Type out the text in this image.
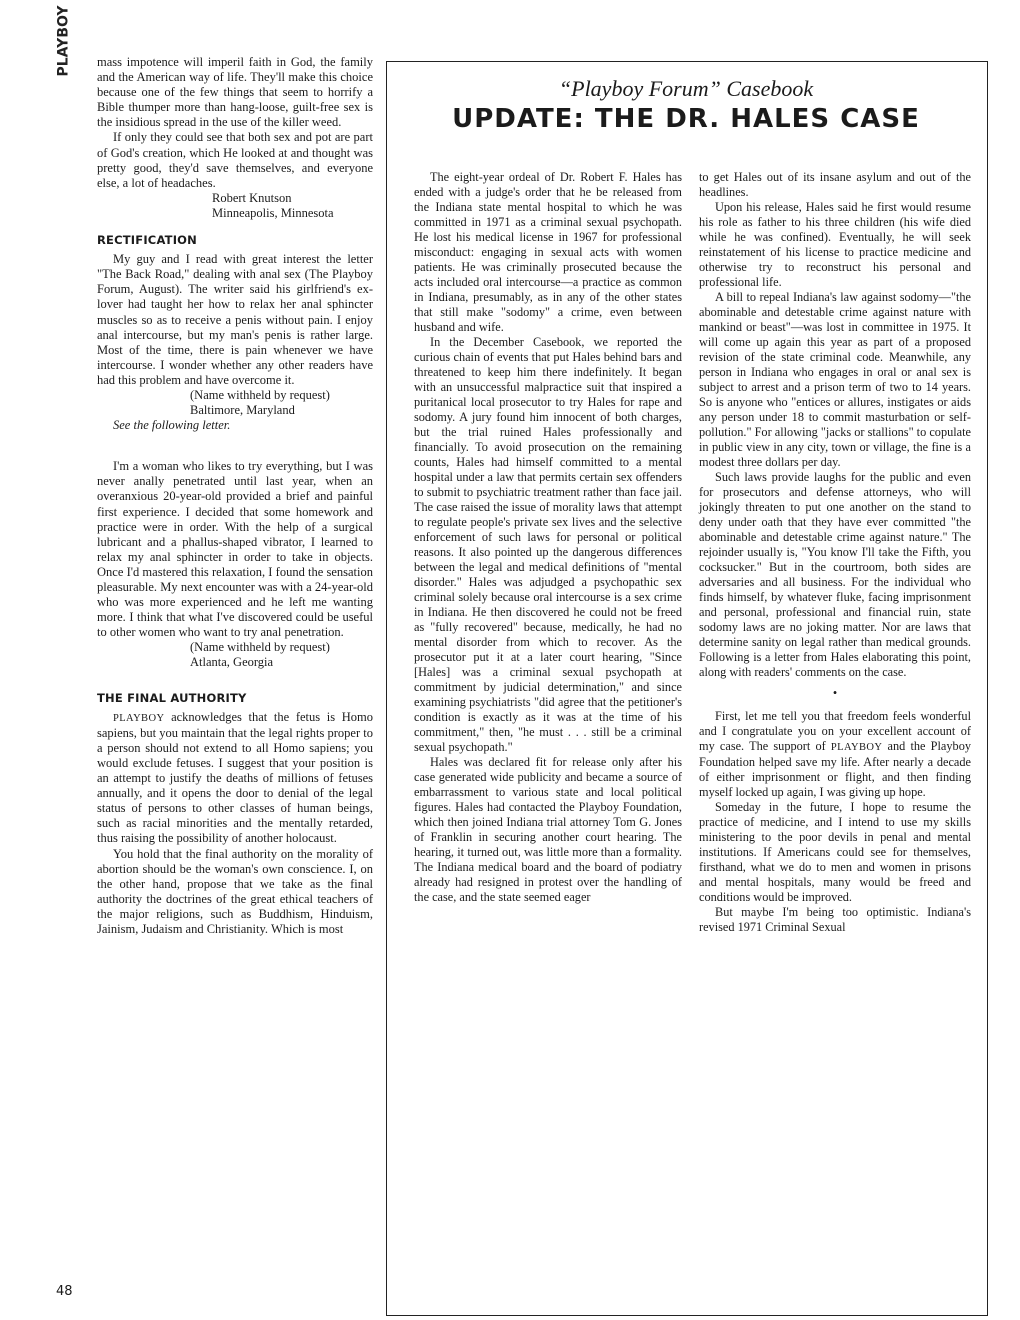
PLAYBOY
48

mass impotence will imperil faith in God, the family and the American way of life. They'll make this choice because one of the few things that seem to horrify a Bible thumper more than hang-loose, guilt-free sex is the insidious spread in the use of the killer weed.

If only they could see that both sex and pot are part of God's creation, which He looked at and thought was pretty good, they'd save themselves, and everyone else, a lot of headaches.

Robert Knutson

Minneapolis, Minnesota

RECTIFICATION

My guy and I read with great interest the letter "The Back Road," dealing with anal sex (The Playboy Forum, August). The writer said his girlfriend's ex-lover had taught her how to relax her anal sphincter muscles so as to receive a penis without pain. I enjoy anal intercourse, but my man's penis is rather large. Most of the time, there is pain whenever we have intercourse. I wonder whether any other readers have had this problem and have overcome it.

(Name withheld by request)

Baltimore, Maryland

See the following letter.

I'm a woman who likes to try everything, but I was never anally penetrated until last year, when an overanxious 20-year-old provided a brief and painful first experience. I decided that some homework and practice were in order. With the help of a surgical lubricant and a phallus-shaped vibrator, I learned to relax my anal sphincter in order to take in objects. Once I'd mastered this relaxation, I found the sensation pleasurable. My next encounter was with a 24-year-old who was more experienced and he left me wanting more. I think that what I've discovered could be useful to other women who want to try anal penetration.

(Name withheld by request)

Atlanta, Georgia

THE FINAL AUTHORITY

PLAYBOY acknowledges that the fetus is Homo sapiens, but you maintain that the legal rights proper to a person should not extend to all Homo sapiens; you would exclude fetuses. I suggest that your position is an attempt to justify the deaths of millions of fetuses annually, and it opens the door to denial of the legal status of persons to other classes of human beings, such as racial minorities and the mentally retarded, thus raising the possibility of another holocaust.

You hold that the final authority on the morality of abortion should be the woman's own conscience. I, on the other hand, propose that we take as the final authority the doctrines of the great ethical teachers of the major religions, such as Buddhism, Hinduism, Jainism, Judaism and Christianity. Which is most

“Playboy Forum” Casebook
UPDATE: THE DR. HALES CASE

The eight-year ordeal of Dr. Robert F. Hales has ended with a judge's order that he be released from the Indiana state mental hospital to which he was committed in 1971 as a criminal sexual psychopath. He lost his medical license in 1967 for professional misconduct: engaging in sexual acts with women patients. He was criminally prosecuted because the acts included oral intercourse—a practice as common in Indiana, presumably, as in any of the other states that still make "sodomy" a crime, even between husband and wife.

In the December Casebook, we reported the curious chain of events that put Hales behind bars and threatened to keep him there indefinitely. It began with an unsuccessful malpractice suit that inspired a puritanical local prosecutor to try Hales for rape and sodomy. A jury found him innocent of both charges, but the trial ruined Hales professionally and financially. To avoid prosecution on the remaining counts, Hales had himself committed to a mental hospital under a law that permits certain sex offenders to submit to psychiatric treatment rather than face jail. The case raised the issue of morality laws that attempt to regulate people's private sex lives and the selective enforcement of such laws for personal or political reasons. It also pointed up the dangerous differences between the legal and medical definitions of "mental disorder." Hales was adjudged a psychopathic sex criminal solely because oral intercourse is a sex crime in Indiana. He then discovered he could not be freed as "fully recovered" because, medically, he had no mental disorder from which to recover. As the prosecutor put it at a later court hearing, "Since [Hales] was a criminal sexual psychopath at commitment by judicial determination," and since examining psychiatrists "did agree that the petitioner's condition is exactly as it was at the time of his commitment," then, "he must . . . still be a criminal sexual psychopath."

Hales was declared fit for release only after his case generated wide publicity and became a source of embarrassment to various state and local political figures. Hales had contacted the Playboy Foundation, which then joined Indiana trial attorney Tom G. Jones of Franklin in securing another court hearing. The hearing, it turned out, was little more than a formality. The Indiana medical board and the board of podiatry already had resigned in protest over the handling of the case, and the state seemed eager

to get Hales out of its insane asylum and out of the headlines.

Upon his release, Hales said he first would resume his role as father to his three children (his wife died while he was confined). Eventually, he will seek reinstatement of his license to practice medicine and otherwise try to reconstruct his personal and professional life.

A bill to repeal Indiana's law against sodomy—"the abominable and detestable crime against nature with mankind or beast"—was lost in committee in 1975. It will come up again this year as part of a proposed revision of the state criminal code. Meanwhile, any person in Indiana who engages in oral or anal sex is subject to arrest and a prison term of two to 14 years. So is anyone who "entices or allures, instigates or aids any person under 18 to commit masturbation or self-pollution." For allowing "jacks or stallions" to copulate in public view in any city, town or village, the fine is a modest three dollars per day.

Such laws provide laughs for the public and even for prosecutors and defense attorneys, who will jokingly threaten to put one another on the stand to deny under oath that they have ever committed "the abominable and detestable crime against nature." The rejoinder usually is, "You know I'll take the Fifth, you cocksucker." But in the courtroom, both sides are adversaries and all business. For the individual who finds himself, by whatever fluke, facing imprisonment and personal, professional and financial ruin, state sodomy laws are no joking matter. Nor are laws that determine sanity on legal rather than medical grounds. Following is a letter from Hales elaborating this point, along with readers' comments on the case.

•

First, let me tell you that freedom feels wonderful and I congratulate you on your excellent account of my case. The support of PLAYBOY and the Playboy Foundation helped save my life. After nearly a decade of either imprisonment or flight, and then finding myself locked up again, I was giving up hope.

Someday in the future, I hope to resume the practice of medicine, and I intend to use my skills ministering to the poor devils in penal and mental institutions. If Americans could see for themselves, firsthand, what we do to men and women in prisons and mental hospitals, many would be freed and conditions would be improved.

But maybe I'm being too optimistic. Indiana's revised 1971 Criminal Sexual
